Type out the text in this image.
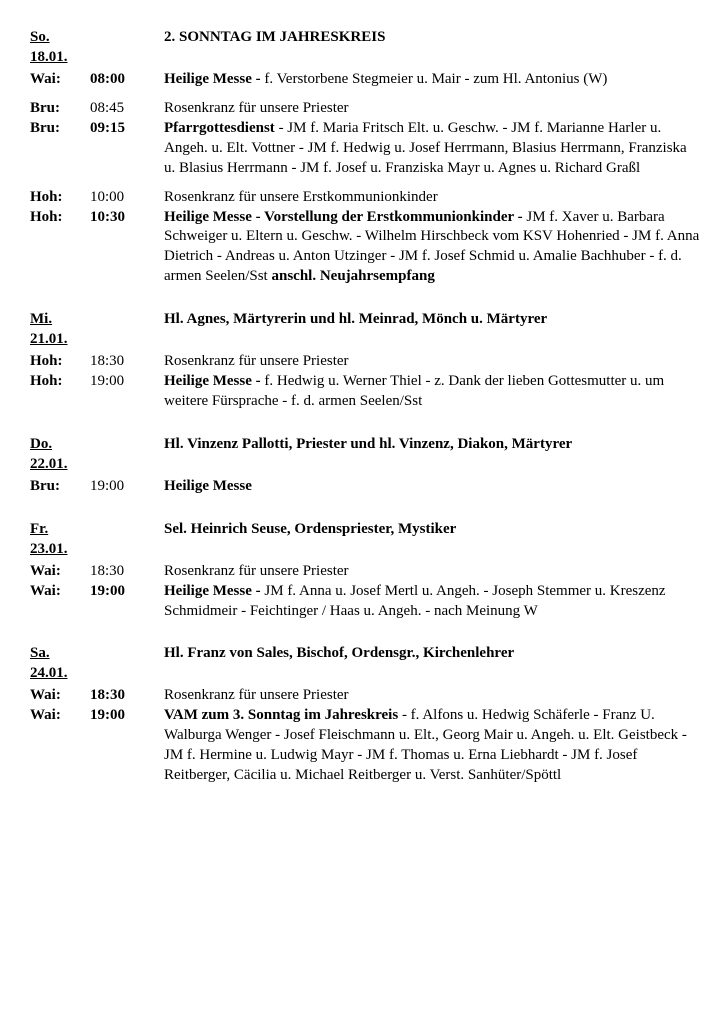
So. 18.01.
2. SONNTAG IM JAHRESKREIS
Wai:	08:00	Heilige Messe - f. Verstorbene Stegmeier u. Mair - zum Hl. Antonius (W)
Bru:	08:45	Rosenkranz für unsere Priester
Bru:	09:15	Pfarrgottesdienst - JM f. Maria Fritsch Elt. u. Geschw. - JM f. Marianne Harler u. Angeh. u. Elt. Vottner - JM f. Hedwig u. Josef Herrmann, Blasius Herrmann, Franziska u. Blasius Herrmann - JM f. Josef u. Franziska Mayr u. Agnes u. Richard Graßl
Hoh:	10:00	Rosenkranz für unsere Erstkommunionkinder
Hoh:	10:30	Heilige Messe - Vorstellung der Erstkommunionkinder - JM f. Xaver u. Barbara Schweiger u. Eltern u. Geschw. - Wilhelm Hirschbeck vom KSV Hohenried - JM f. Anna Dietrich - Andreas u. Anton Utzinger - JM f. Josef Schmid u. Amalie Bachhuber - f. d. armen Seelen/Sst anschl. Neujahrsempfang
Mi. 21.01.
Hl. Agnes, Märtyrerin und hl. Meinrad, Mönch u. Märtyrer
Hoh:	18:30	Rosenkranz für unsere Priester
Hoh:	19:00	Heilige Messe - f. Hedwig u. Werner Thiel - z. Dank der lieben Gottesmutter u. um weitere Fürsprache - f. d. armen Seelen/Sst
Do. 22.01.
Hl. Vinzenz Pallotti, Priester und hl. Vinzenz, Diakon, Märtyrer
Bru:	19:00	Heilige Messe
Fr. 23.01.
Sel. Heinrich Seuse, Ordenspriester, Mystiker
Wai:	18:30	Rosenkranz für unsere Priester
Wai:	19:00	Heilige Messe - JM f. Anna u. Josef Mertl u. Angeh. - Joseph Stemmer u. Kreszenz Schmidmeir - Feichtinger / Haas u. Angeh. - nach Meinung W
Sa. 24.01.
Hl. Franz von Sales, Bischof, Ordensgr., Kirchenlehrer
Wai:	18:30	Rosenkranz für unsere Priester
Wai:	19:00	VAM zum 3. Sonntag im Jahreskreis - f. Alfons u. Hedwig Schäferle - Franz U. Walburga Wenger - Josef Fleischmann u. Elt., Georg Mair u. Angeh. u. Elt. Geistbeck - JM f. Hermine u. Ludwig Mayr - JM f. Thomas u. Erna Liebhardt - JM f. Josef Reitberger, Cäcilia u. Michael Reitberger u. Verst. Sanhüter/Spöttl
